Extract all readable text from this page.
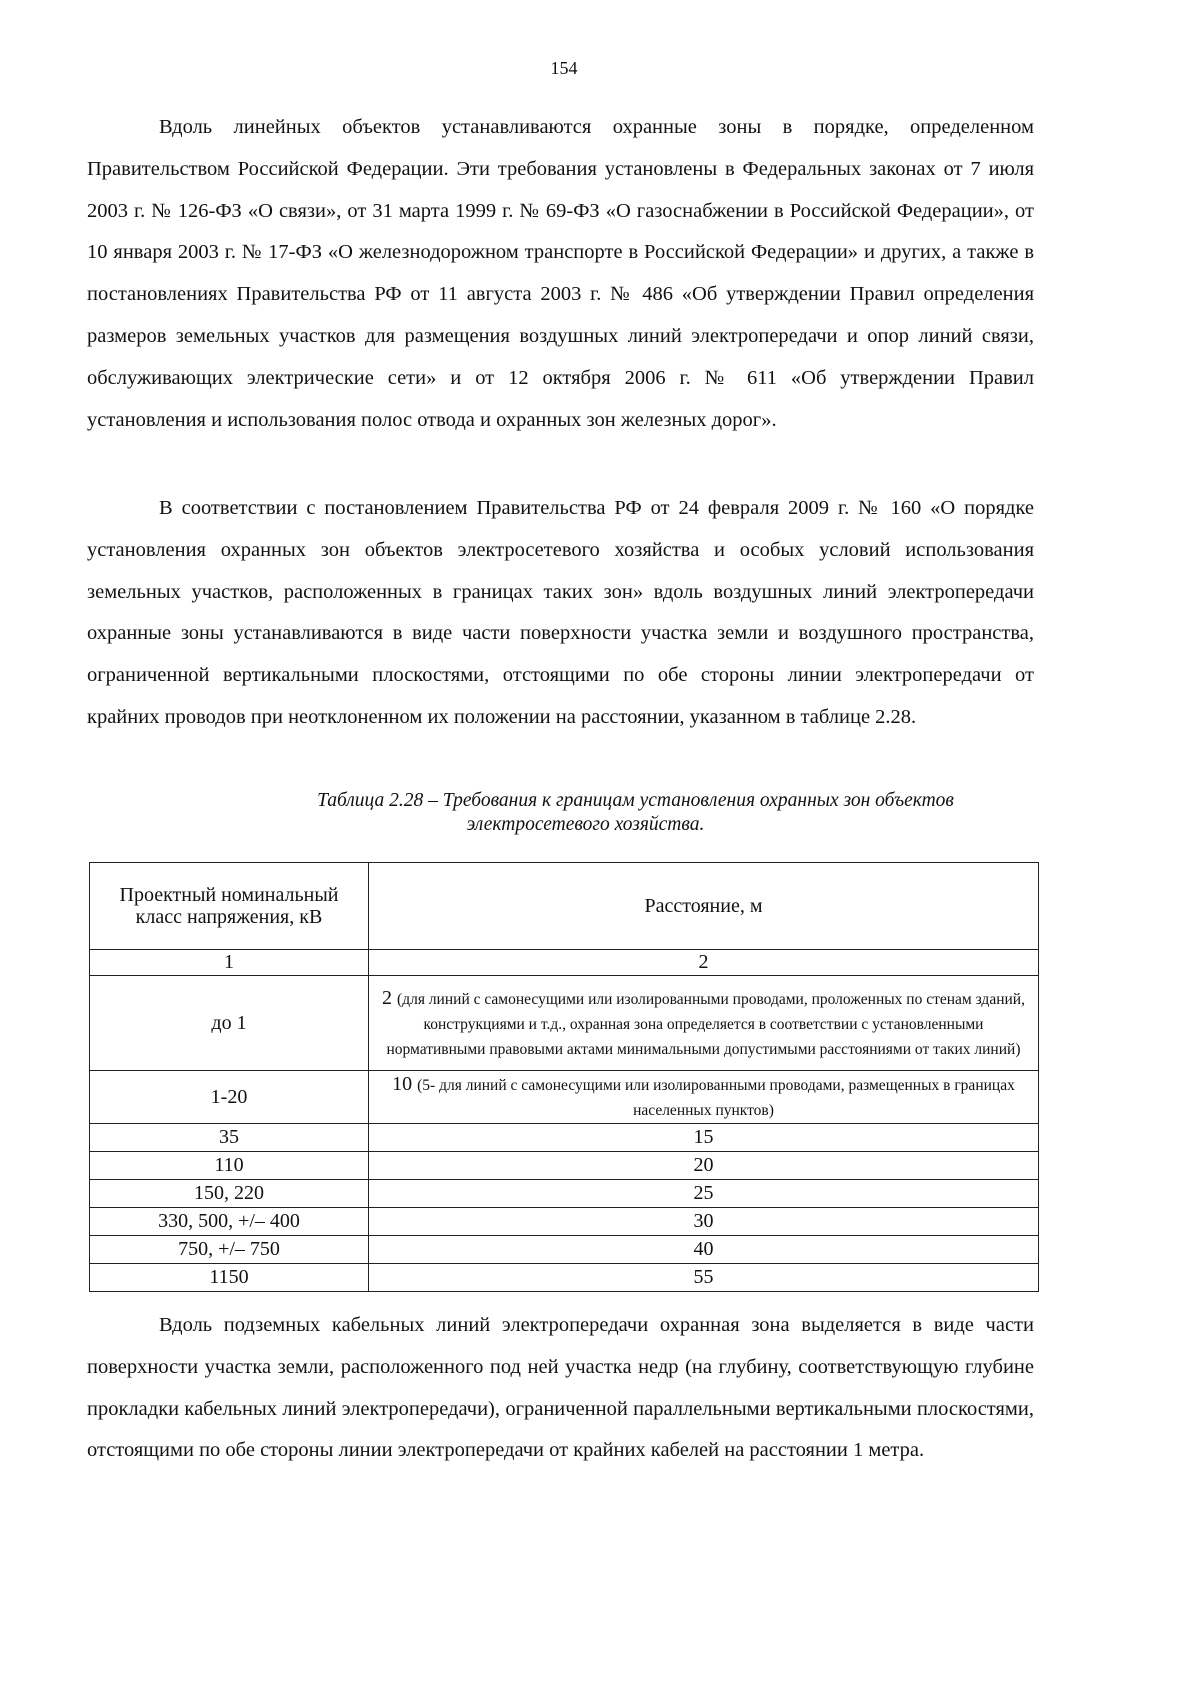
154

Вдоль линейных объектов устанавливаются охранные зоны в порядке, определенном Правительством Российской Федерации. Эти требования установлены в Федеральных законах от 7 июля 2003 г. № 126-ФЗ «О связи», от 31 марта 1999 г. № 69-ФЗ «О газоснабжении в Российской Федерации», от 10 января 2003 г. № 17-ФЗ «О железнодорожном транспорте в Российской Федерации» и других, а также в постановлениях Правительства РФ от 11 августа 2003 г. № 486 «Об утверждении Правил определения размеров земельных участков для размещения воздушных линий электропередачи и опор линий связи, обслуживающих электрические сети» и от 12 октября 2006 г. № 611 «Об утверждении Правил установления и использования полос отвода и охранных зон железных дорог».

В соответствии с постановлением Правительства РФ от 24 февраля 2009 г. № 160 «О порядке установления охранных зон объектов электросетевого хозяйства и особых условий использования земельных участков, расположенных в границах таких зон» вдоль воздушных линий электропередачи охранные зоны устанавливаются в виде части поверхности участка земли и воздушного пространства, ограниченной вертикальными плоскостями, отстоящими по обе стороны линии электропередачи от крайних проводов при неотклоненном их положении на расстоянии, указанном в таблице 2.28.

Таблица 2.28 – Требования к границам установления охранных зон объектов
электросетевого хозяйства.
Проектный номинальный класс напряжения, кВ	Расстояние, м
1	2
до 1	2 (для линий с самонесущими или изолированными проводами, проложенных по стенам зданий, конструкциями и т.д., охранная зона определяется в соответствии с установленными нормативными правовыми актами минимальными допустимыми расстояниями от таких линий)
1-20	10 (5- для линий с самонесущими или изолированными проводами, размещенных в границах населенных пунктов)
35	15
110	20
150, 220	25
330, 500, +/– 400	30
750, +/– 750	40
1150	55

Вдоль подземных кабельных линий электропередачи охранная зона выделяется в виде части поверхности участка земли, расположенного под ней участка недр (на глубину, соответствующую глубине прокладки кабельных линий электропередачи), ограниченной параллельными вертикальными плоскостями, отстоящими по обе стороны линии электропередачи от крайних кабелей на расстоянии 1 метра.
